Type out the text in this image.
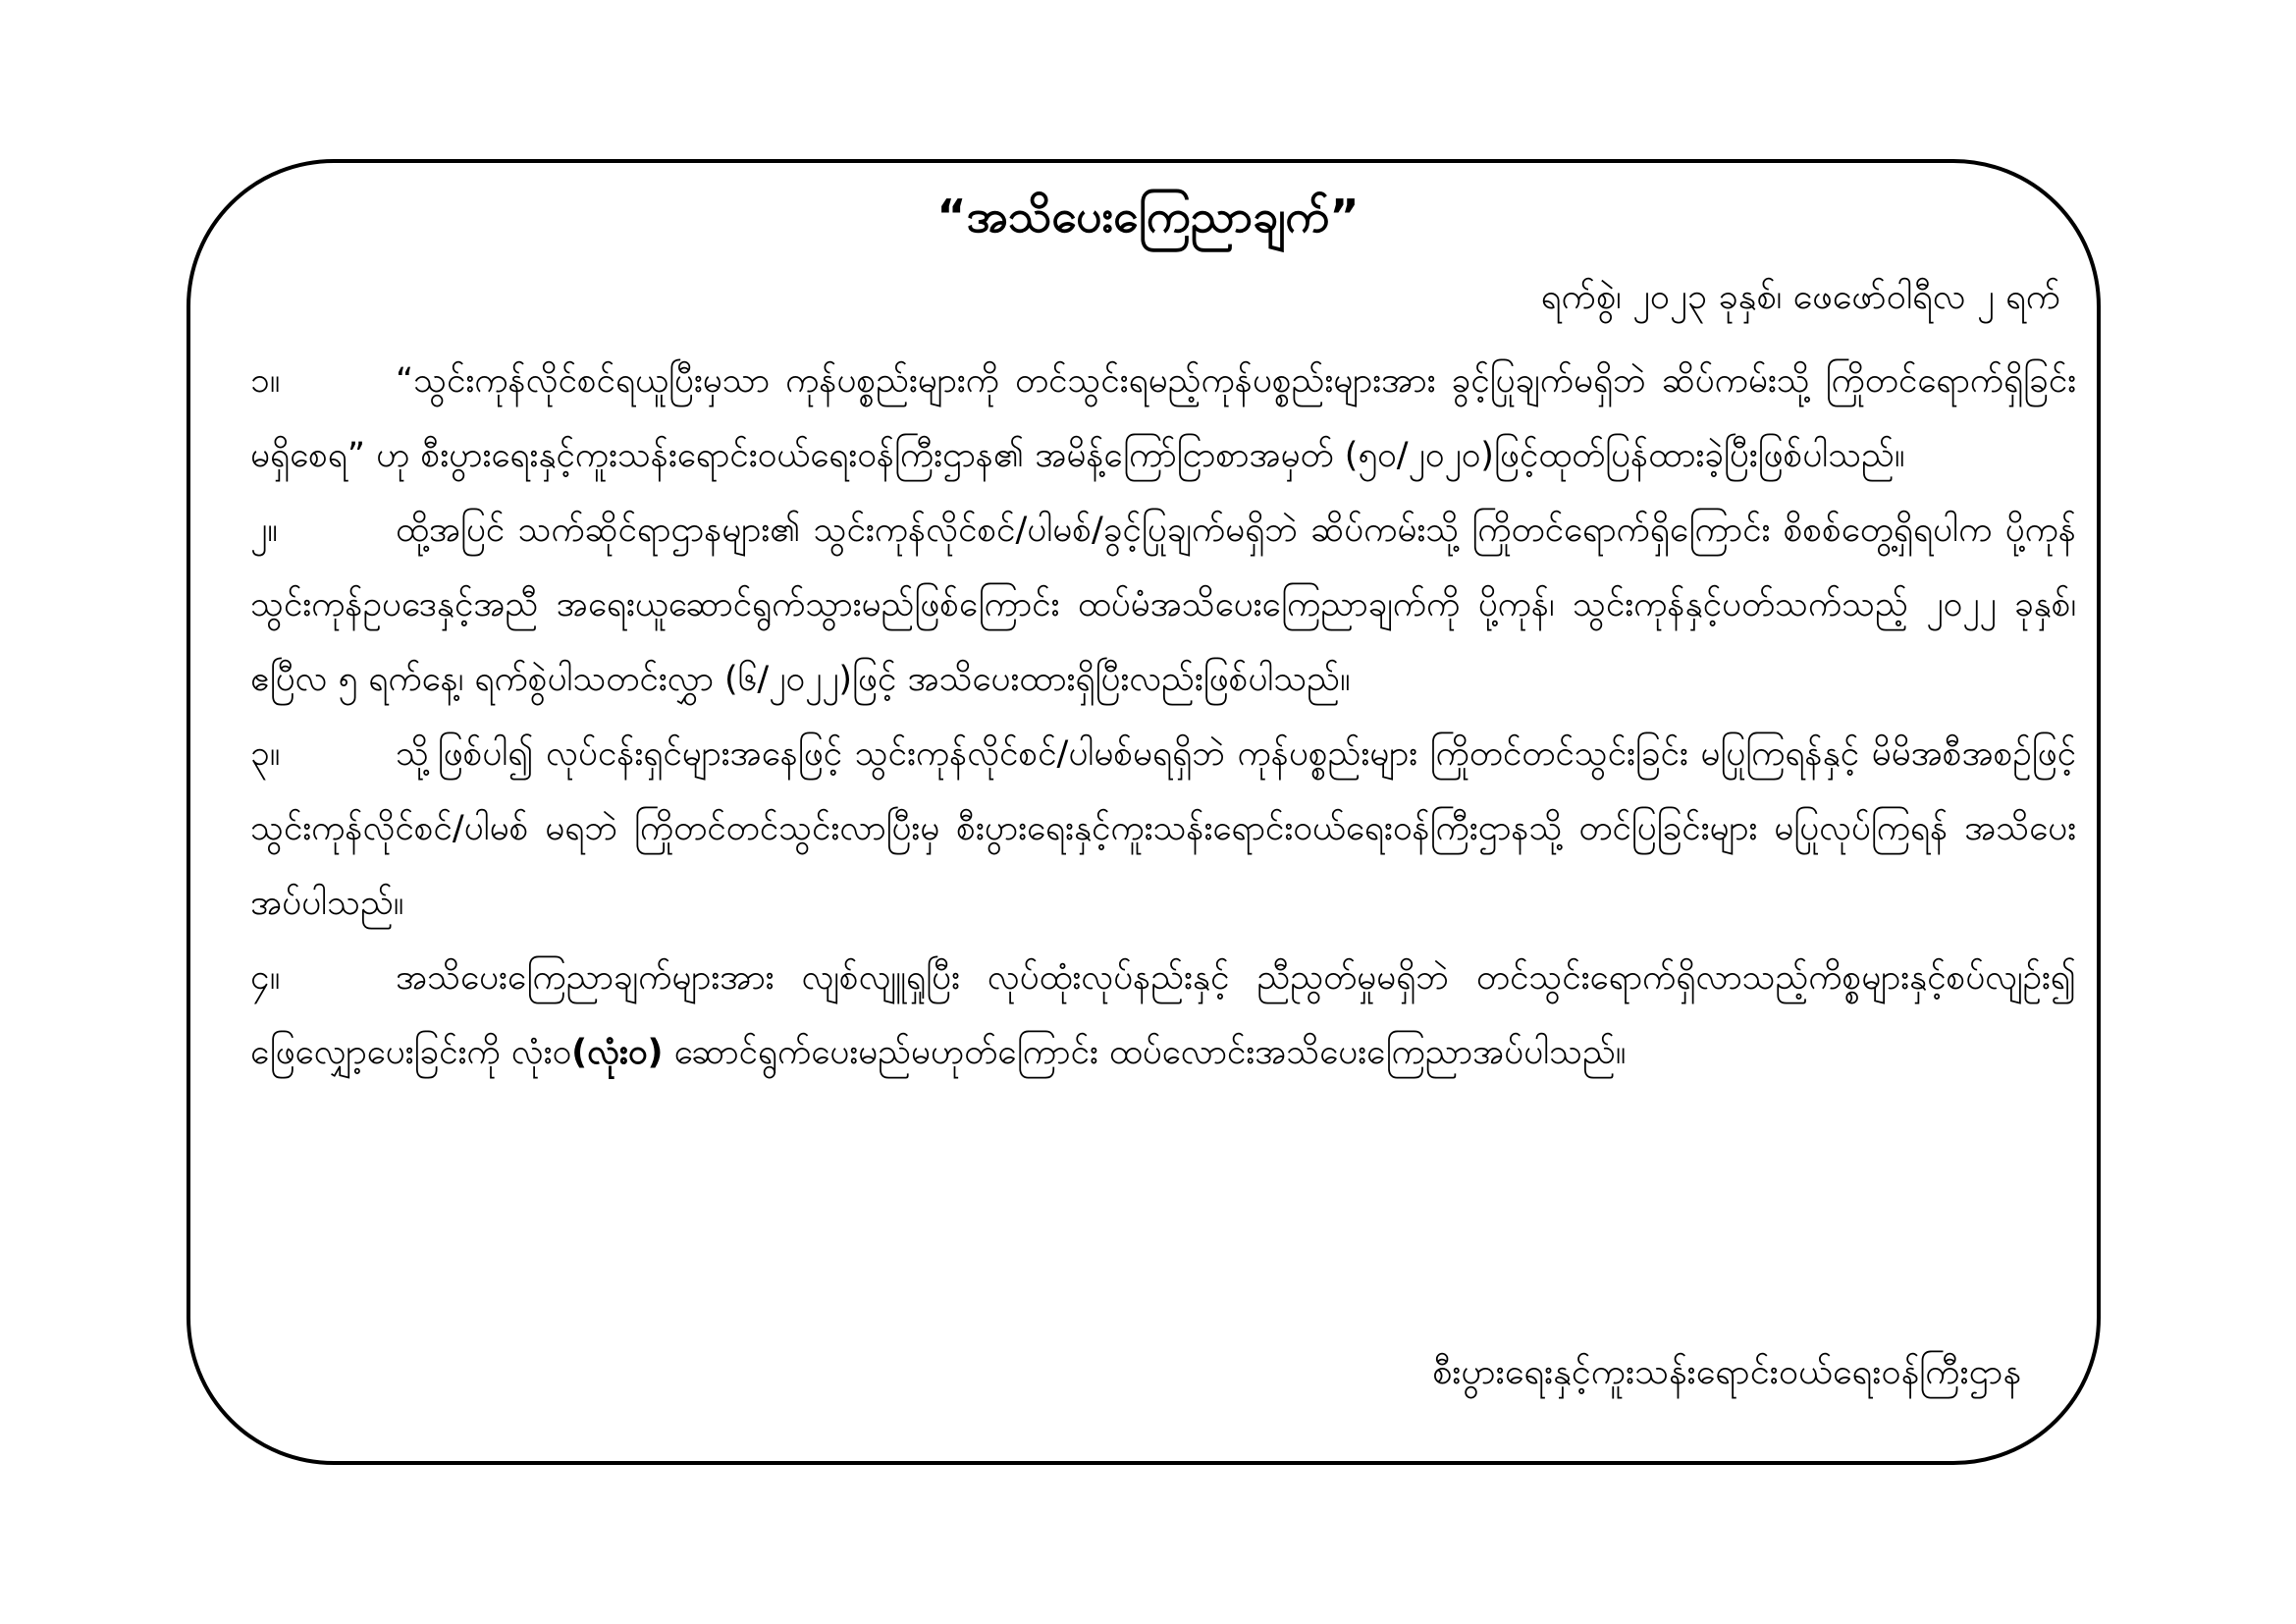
“အသိပေးကြေညာချက်”
ရက်စွဲ၊ ၂၀၂၃ ခုနှစ်၊ ဖေဖော်ဝါရီလ ၂ ရက်

၁။	“သွင်းကုန်လိုင်စင်ရယူပြီးမှသာ ကုန်ပစ္စည်းများကို တင်သွင်းရမည့်ကုန်ပစ္စည်းများအား ခွင့်ပြုချက်မရှိဘဲ ဆိပ်ကမ်းသို့ ကြိုတင်ရောက်ရှိခြင်း မရှိစေရ” ဟု စီးပွားရေးနှင့်ကူးသန်းရောင်းဝယ်ရေးဝန်ကြီးဌာန၏ အမိန့်ကြော်ငြာစာအမှတ် (၅၀/၂၀၂၀)ဖြင့်ထုတ်ပြန်ထားခဲ့ပြီးဖြစ်ပါသည်။

၂။	ထို့အပြင် သက်ဆိုင်ရာဌာနများ၏ သွင်းကုန်လိုင်စင်/ပါမစ်/ခွင့်ပြုချက်မရှိဘဲ ဆိပ်ကမ်းသို့ ကြိုတင်ရောက်ရှိကြောင်း စိစစ်တွေ့ရှိရပါက ပို့ကုန်သွင်းကုန်ဥပဒေနှင့်အညီ အရေးယူဆောင်ရွက်သွားမည်ဖြစ်ကြောင်း ထပ်မံအသိပေးကြေညာချက်ကို ပို့ကုန်၊ သွင်းကုန်နှင့်ပတ်သက်သည့် ၂၀၂၂ ခုနှစ်၊ ဧပြီလ ၅ ရက်နေ့၊ ရက်စွဲပါသတင်းလွှာ (၆/၂၀၂၂)ဖြင့် အသိပေးထားရှိပြီးလည်းဖြစ်ပါသည်။

၃။	သို့ဖြစ်ပါ၍ လုပ်ငန်းရှင်များအနေဖြင့် သွင်းကုန်လိုင်စင်/ပါမစ်မရရှိဘဲ ကုန်ပစ္စည်းများ ကြိုတင်တင်သွင်းခြင်း မပြုကြရန်နှင့် မိမိအစီအစဉ်ဖြင့် သွင်းကုန်လိုင်စင်/ပါမစ် မရဘဲ ကြိုတင်တင်သွင်းလာပြီးမှ စီးပွားရေးနှင့်ကူးသန်းရောင်းဝယ်ရေးဝန်ကြီးဌာနသို့ တင်ပြခြင်းများ မပြုလုပ်ကြရန် အသိပေးအပ်ပါသည်။

၄။	အသိပေးကြေညာချက်များအား လျစ်လျူရှုပြီး လုပ်ထုံးလုပ်နည်းနှင့် ညီညွတ်မှုမရှိဘဲ တင်သွင်းရောက်ရှိလာသည့်ကိစ္စများနှင့်စပ်လျဉ်း၍ ဖြေလျှော့ပေးခြင်းကို လုံးဝ(လုံးဝ) ဆောင်ရွက်ပေးမည်မဟုတ်ကြောင်း ထပ်လောင်းအသိပေးကြေညာအပ်ပါသည်။

စီးပွားရေးနှင့်ကူးသန်းရောင်းဝယ်ရေးဝန်ကြီးဌာန
